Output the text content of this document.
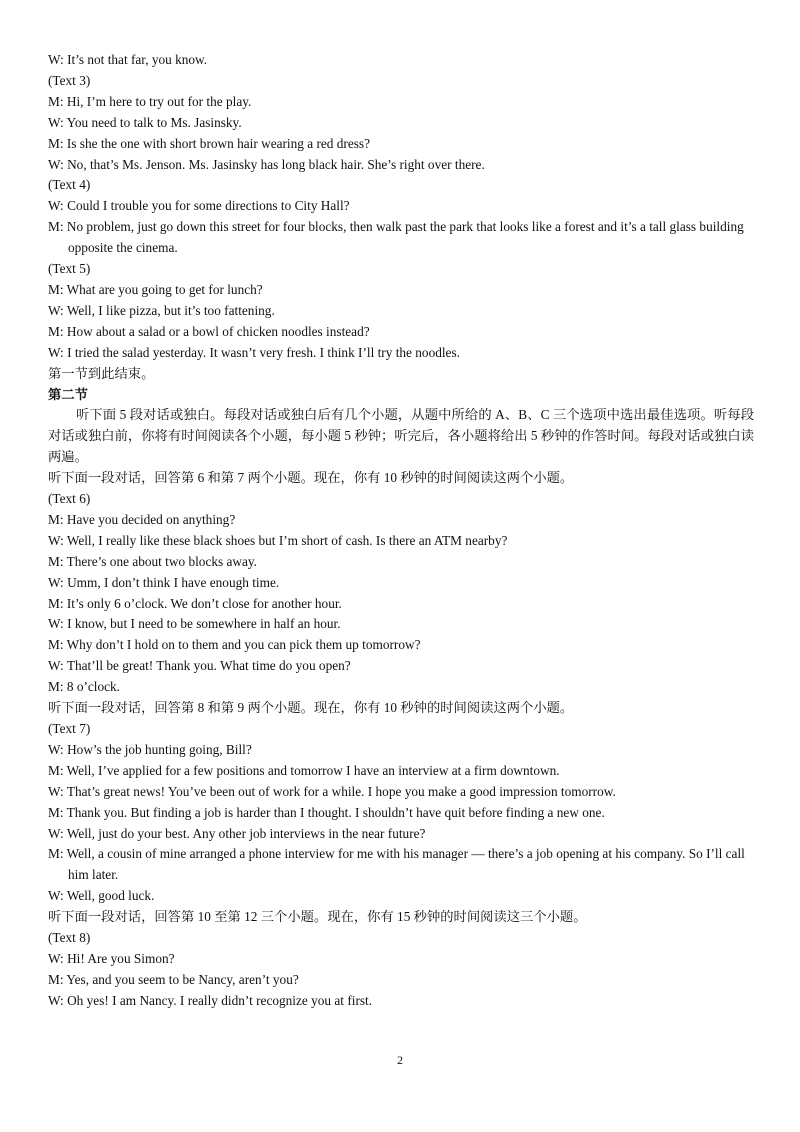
W: It’s not that far, you know.

(Text 3)

M: Hi, I’m here to try out for the play.

W: You need to talk to Ms. Jasinsky.

M: Is she the one with short brown hair wearing a red dress?

W: No, that’s Ms. Jenson. Ms. Jasinsky has long black hair. She’s right over there.

(Text 4)

W: Could I trouble you for some directions to City Hall?

M: No problem, just go down this street for four blocks, then walk past the park that looks like a forest and it’s a tall glass building opposite the cinema.

(Text 5)

M: What are you going to get for lunch?

W: Well, I like pizza, but it’s too fattening.

M: How about a salad or a bowl of chicken noodles instead?

W: I tried the salad yesterday. It wasn’t very fresh. I think I’ll try the noodles.

第一节到此结束。

第二节

听下面 5 段对话或独白。每段对话或独白后有几个小题，从题中所给的 A、B、C 三个选项中选出最佳选项。听每段对话或独白前，你将有时间阅读各个小题，每小题 5 秒钟；听完后，各小题将给出 5 秒钟的作答时间。每段对话或独白读两遍。

听下面一段对话，回答第 6 和第 7 两个小题。现在，你有 10 秒钟的时间阅读这两个小题。

(Text 6)

M: Have you decided on anything?

W: Well, I really like these black shoes but I’m short of cash. Is there an ATM nearby?

M: There’s one about two blocks away.

W: Umm, I don’t think I have enough time.

M: It’s only 6 o’clock. We don’t close for another hour.

W: I know, but I need to be somewhere in half an hour.

M: Why don’t I hold on to them and you can pick them up tomorrow?

W: That’ll be great! Thank you. What time do you open?

M: 8 o’clock.

听下面一段对话，回答第 8 和第 9 两个小题。现在，你有 10 秒钟的时间阅读这两个小题。

(Text 7)

W: How’s the job hunting going, Bill?

M: Well, I’ve applied for a few positions and tomorrow I have an interview at a firm downtown.

W: That’s great news! You’ve been out of work for a while. I hope you make a good impression tomorrow.

M: Thank you. But finding a job is harder than I thought. I shouldn’t have quit before finding a new one.

W: Well, just do your best. Any other job interviews in the near future?

M: Well, a cousin of mine arranged a phone interview for me with his manager — there’s a job opening at his company. So I’ll call him later.

W: Well, good luck.

听下面一段对话，回答第 10 至第 12 三个小题。现在，你有 15 秒钟的时间阅读这三个小题。

(Text 8)

W: Hi! Are you Simon?

M: Yes, and you seem to be Nancy, aren’t you?

W: Oh yes! I am Nancy. I really didn’t recognize you at first.

2
